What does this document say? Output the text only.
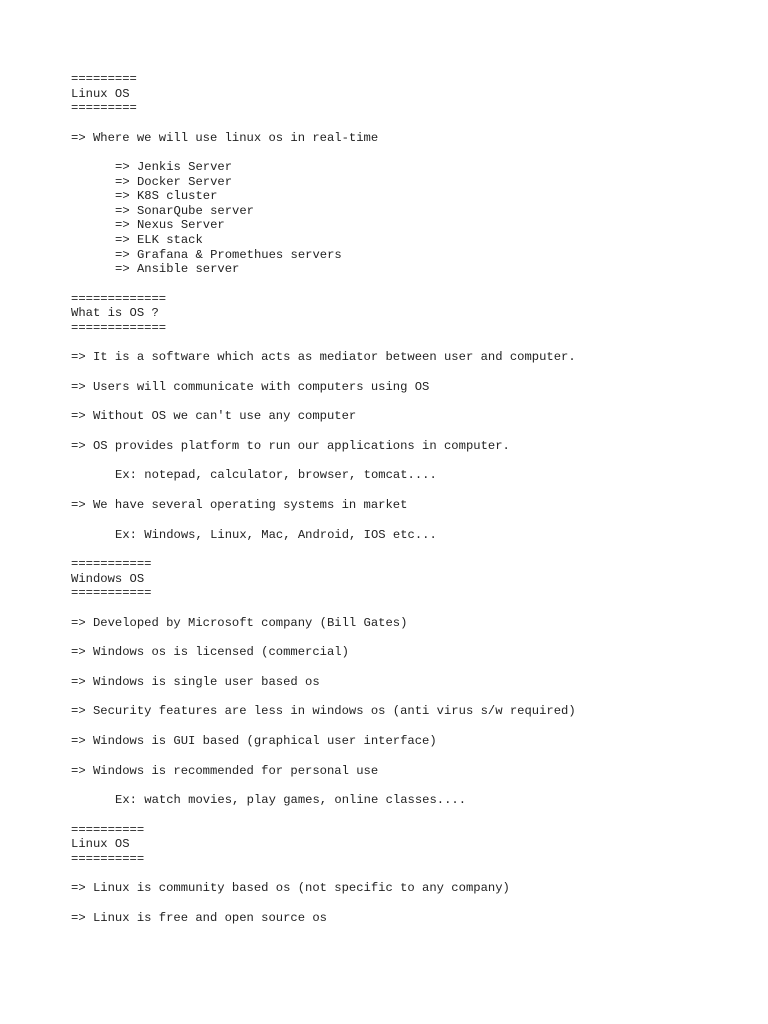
=========
Linux OS
=========
=> Where we will use linux os in real-time
=> Jenkis Server
=> Docker Server
=> K8S cluster
=> SonarQube server
=> Nexus Server
=> ELK stack
=> Grafana & Promethues servers
=> Ansible server
=============
What is OS ?
=============
=> It is a software which acts as mediator between user and computer.
=> Users will communicate with computers using OS
=> Without OS we can't use any computer
=> OS provides platform to run our applications in computer.
Ex: notepad, calculator, browser, tomcat....
=> We have several operating systems in market
Ex: Windows, Linux, Mac, Android, IOS etc...
===========
Windows OS
===========
=> Developed by Microsoft company (Bill Gates)
=> Windows os is licensed (commercial)
=> Windows is single user based os
=> Security features are less in windows os (anti virus s/w required)
=> Windows is GUI based (graphical user interface)
=> Windows is recommended for personal use
Ex: watch movies, play games, online classes....
==========
Linux OS
==========
=> Linux is community based os (not specific to any company)
=> Linux is free and open source os
